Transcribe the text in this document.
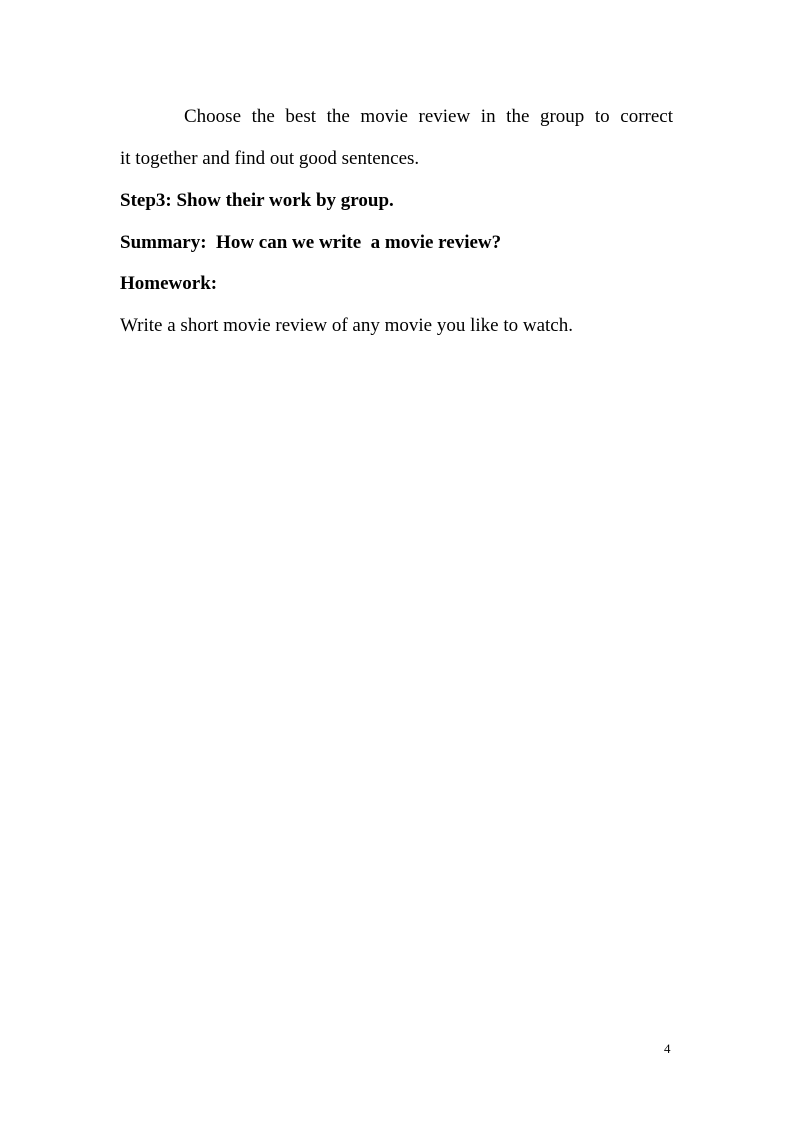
Choose the best the movie review in the group to correct
it together and find out good sentences.
Step3: Show their work by group.
Summary:  How can we write  a movie review?
Homework:
Write a short movie review of any movie you like to watch.
4
